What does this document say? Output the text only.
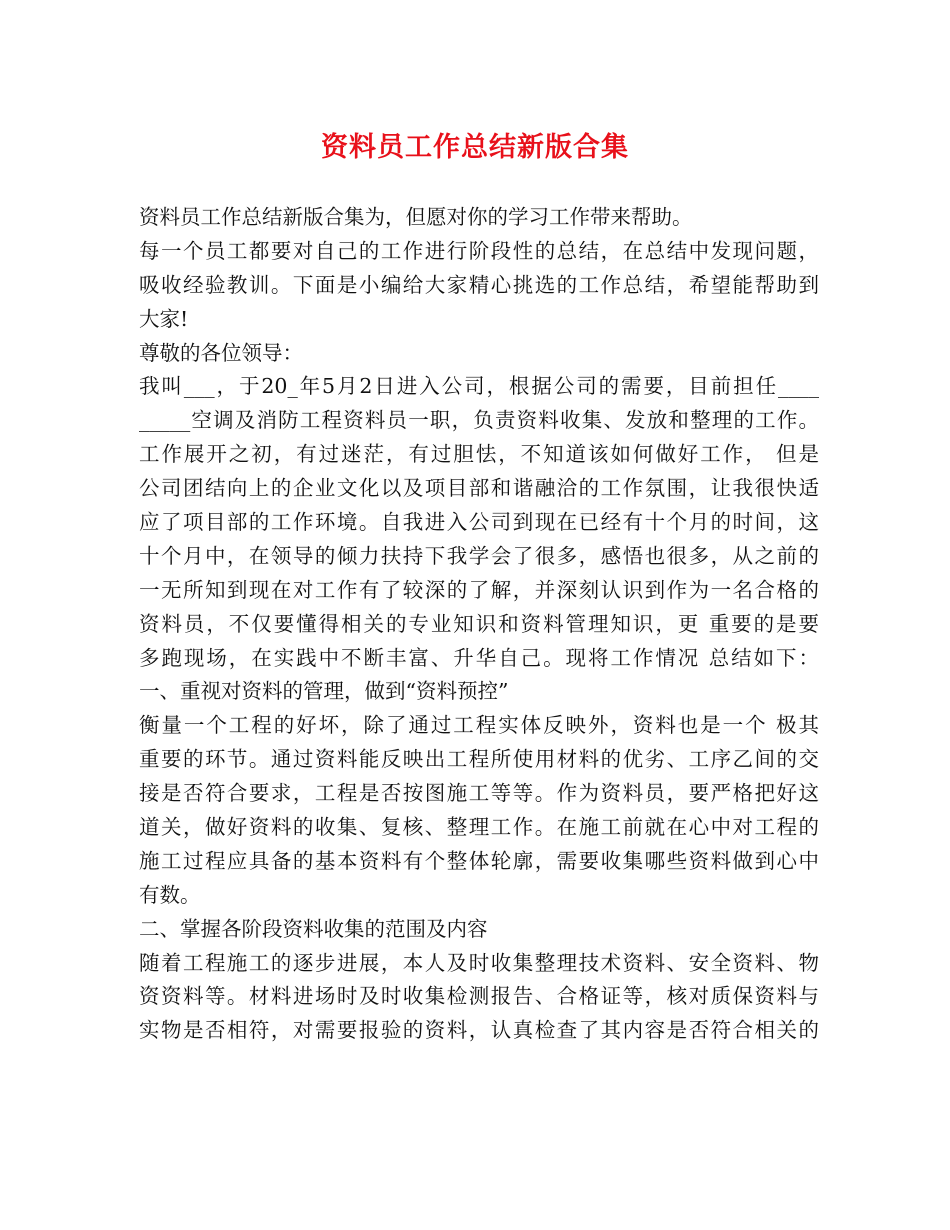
资料员工作总结新版合集
资料员工作总结新版合集为，但愿对你的学习工作带来帮助。
每一个员工都要对自己的工作进行阶段性的总结，在总结中发现问题，
吸收经验教训。下面是小编给大家精心挑选的工作总结，希望能帮助到
大家!
尊敬的各位领导：
我叫___，于20_年5月2日进入公司，根据公司的需要，目前担任____
_____空调及消防工程资料员一职，负责资料收集、发放和整理的工作。
工作展开之初，有过迷茫，有过胆怯，不知道该如何做好工作， 但是
公司团结向上的企业文化以及项目部和谐融洽的工作氛围，让我很快适
应了项目部的工作环境。自我进入公司到现在已经有十个月的时间，这
十个月中，在领导的倾力扶持下我学会了很多，感悟也很多，从之前的
一无所知到现在对工作有了较深的了解，并深刻认识到作为一名合格的
资料员，不仅要懂得相关的专业知识和资料管理知识，更 重要的是要
多跑现场，在实践中不断丰富、升华自己。现将工作情况 总结如下：
一、重视对资料的管理，做到“资料预控”
衡量一个工程的好坏，除了通过工程实体反映外，资料也是一个 极其
重要的环节。通过资料能反映出工程所使用材料的优劣、工序乙间的交
接是否符合要求，工程是否按图施工等等。作为资料员，要严格把好这
道关，做好资料的收集、复核、整理工作。在施工前就在心中对工程的
施工过程应具备的基本资料有个整体轮廓，需要收集哪些资料做到心中
有数。
二、掌握各阶段资料收集的范围及内容
随着工程施工的逐步进展，本人及时收集整理技术资料、安全资料、物
资资料等。材料进场时及时收集检测报告、合格证等，核对质保资料与
实物是否相符，对需要报验的资料，认真检查了其内容是否符合相关的
